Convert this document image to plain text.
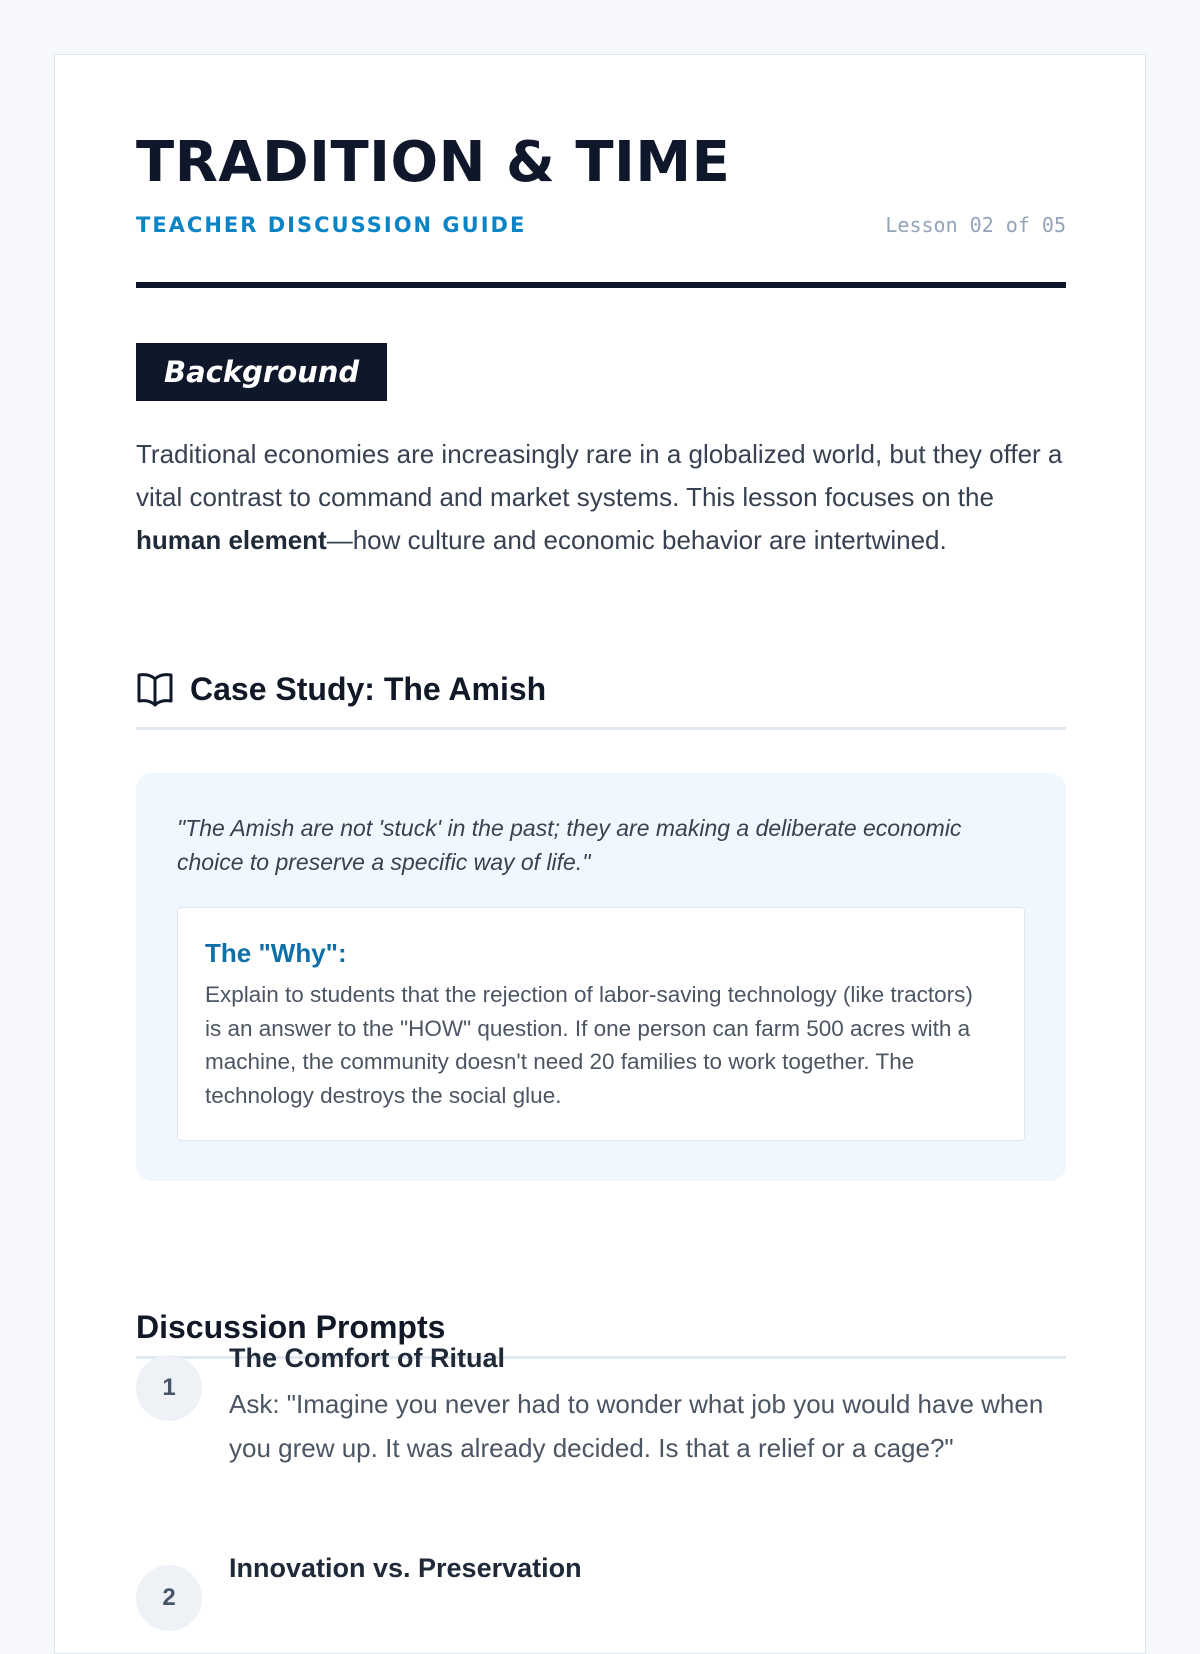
TRADITION & TIME
TEACHER DISCUSSION GUIDE	Lesson 02 of 05
Background

Traditional economies are increasingly rare in a globalized world, but they offer a vital contrast to command and market systems. This lesson focuses on the human element—how culture and economic behavior are intertwined.

Case Study: The Amish

"The Amish are not 'stuck' in the past; they are making a deliberate economic choice to preserve a specific way of life."

The "Why":

Explain to students that the rejection of labor-saving technology (like tractors) is an answer to the "HOW" question. If one person can farm 500 acres with a machine, the community doesn't need 20 families to work together. The technology destroys the social glue.

Discussion Prompts
1
The Comfort of Ritual

Ask: "Imagine you never had to wonder what job you would have when you grew up. It was already decided. Is that a relief or a cage?"

2
Innovation vs. Preservation
